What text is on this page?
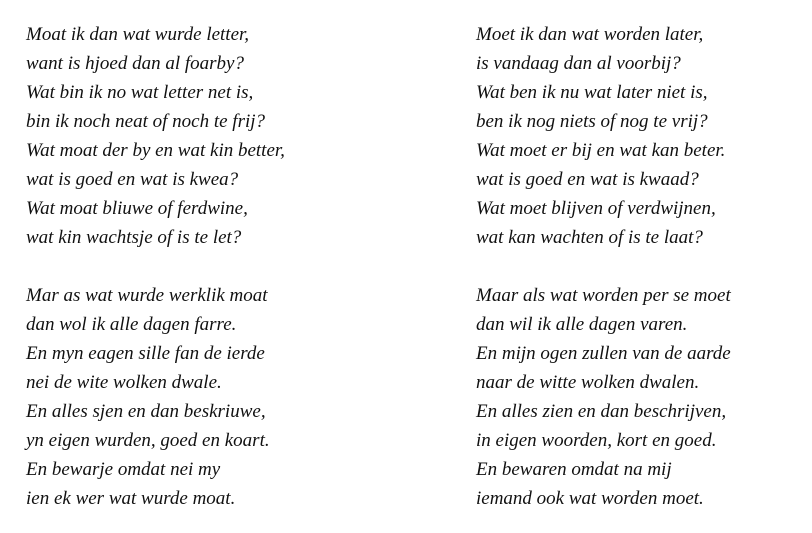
Moat ik dan wat wurde letter,
want is hjoed dan al foarby?
Wat bin ik no wat letter net is,
bin ik noch neat of noch te frij?
Wat moat der by en wat kin better,
wat is goed en wat is kwea?
Wat moat bliuwe of ferdwine,
wat kin wachtsje of is te let?
Mar as wat wurde werklik moat
dan wol ik alle dagen farre.
En myn eagen sille fan de ierde
nei de wite wolken dwale.
En alles sjen en dan beskriuwe,
yn eigen wurden, goed en koart.
En bewarje omdat nei my
ien ek wer wat wurde moat.
Moet ik dan wat worden later,
is vandaag dan al voorbij?
Wat ben ik nu wat later niet is,
ben ik nog niets of nog te vrij?
Wat moet er bij en wat kan beter.
wat is goed en wat is kwaad?
Wat moet blijven of verdwijnen,
wat kan wachten of is te laat?
Maar als wat worden per se moet
dan wil ik alle dagen varen.
En mijn ogen zullen van de aarde
naar de witte wolken dwalen.
En alles zien en dan beschrijven,
in eigen woorden, kort en goed.
En bewaren omdat na mij
iemand ook wat worden moet.
